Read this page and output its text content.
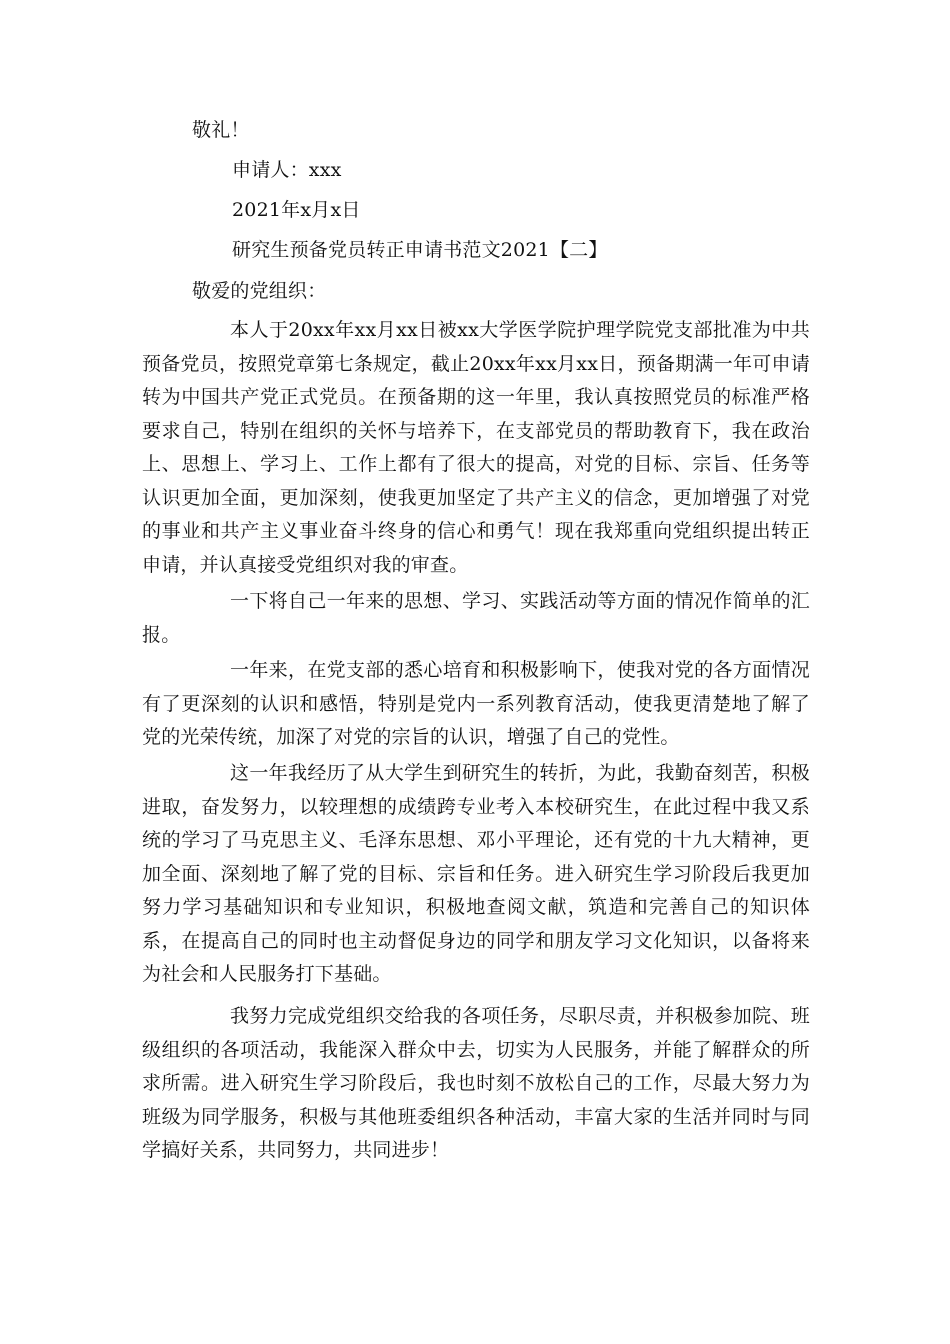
敬礼！
申请人：xxx
2021年x月x日
研究生预备党员转正申请书范文2021【二】
敬爱的党组织：
本人于20xx年xx月xx日被xx大学医学院护理学院党支部批准为中共预备党员，按照党章第七条规定，截止20xx年xx月xx日，预备期满一年可申请转为中国共产党正式党员。在预备期的这一年里，我认真按照党员的标准严格要求自己，特别在组织的关怀与培养下，在支部党员的帮助教育下，我在政治上、思想上、学习上、工作上都有了很大的提高，对党的目标、宗旨、任务等认识更加全面，更加深刻，使我更加坚定了共产主义的信念，更加增强了对党的事业和共产主义事业奋斗终身的信心和勇气！现在我郑重向党组织提出转正申请，并认真接受党组织对我的审查。
一下将自己一年来的思想、学习、实践活动等方面的情况作简单的汇报。
一年来，在党支部的悉心培育和积极影响下，使我对党的各方面情况有了更深刻的认识和感悟，特别是党内一系列教育活动，使我更清楚地了解了党的光荣传统，加深了对党的宗旨的认识，增强了自己的党性。
这一年我经历了从大学生到研究生的转折，为此，我勤奋刻苦，积极进取，奋发努力，以较理想的成绩跨专业考入本校研究生，在此过程中我又系统的学习了马克思主义、毛泽东思想、邓小平理论，还有党的十九大精神，更加全面、深刻地了解了党的目标、宗旨和任务。进入研究生学习阶段后我更加努力学习基础知识和专业知识，积极地查阅文献，筑造和完善自己的知识体系，在提高自己的同时也主动督促身边的同学和朋友学习文化知识，以备将来为社会和人民服务打下基础。
我努力完成党组织交给我的各项任务，尽职尽责，并积极参加院、班级组织的各项活动，我能深入群众中去，切实为人民服务，并能了解群众的所求所需。进入研究生学习阶段后，我也时刻不放松自己的工作，尽最大努力为班级为同学服务，积极与其他班委组织各种活动，丰富大家的生活并同时与同学搞好关系，共同努力，共同进步！
